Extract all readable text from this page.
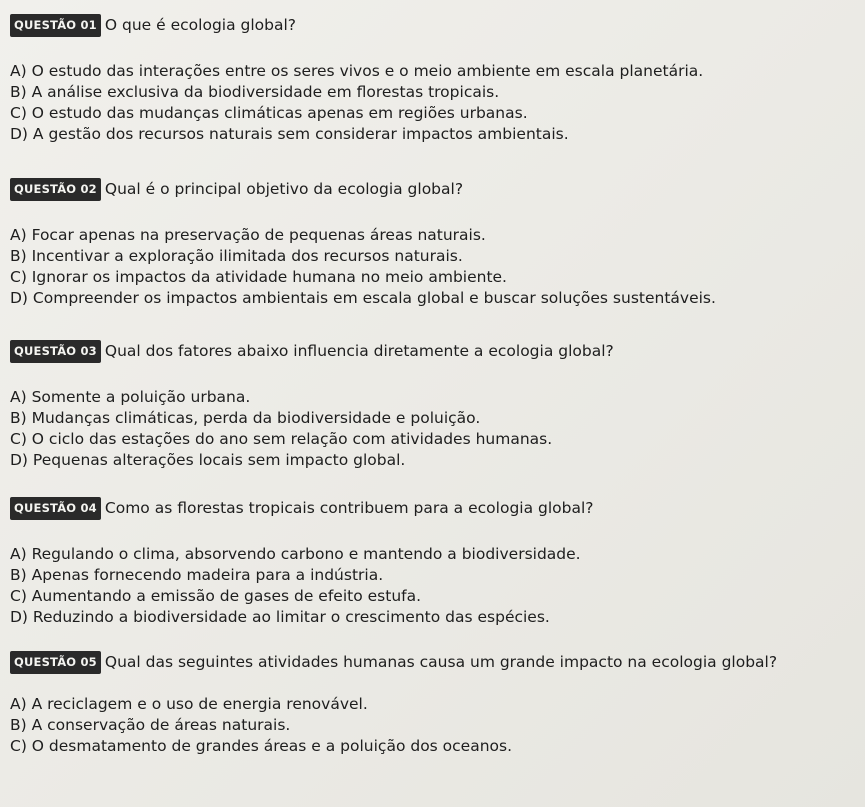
QUESTÃO 01 O que é ecologia global?

A) O estudo das interações entre os seres vivos e o meio ambiente em escala planetária.
B) A análise exclusiva da biodiversidade em florestas tropicais.
C) O estudo das mudanças climáticas apenas em regiões urbanas.
D) A gestão dos recursos naturais sem considerar impactos ambientais.

QUESTÃO 02 Qual é o principal objetivo da ecologia global?

A) Focar apenas na preservação de pequenas áreas naturais.
B) Incentivar a exploração ilimitada dos recursos naturais.
C) Ignorar os impactos da atividade humana no meio ambiente.
D) Compreender os impactos ambientais em escala global e buscar soluções sustentáveis.

QUESTÃO 03 Qual dos fatores abaixo influencia diretamente a ecologia global?

A) Somente a poluição urbana.
B) Mudanças climáticas, perda da biodiversidade e poluição.
C) O ciclo das estações do ano sem relação com atividades humanas.
D) Pequenas alterações locais sem impacto global.

QUESTÃO 04 Como as florestas tropicais contribuem para a ecologia global?

A) Regulando o clima, absorvendo carbono e mantendo a biodiversidade.
B) Apenas fornecendo madeira para a indústria.
C) Aumentando a emissão de gases de efeito estufa.
D) Reduzindo a biodiversidade ao limitar o crescimento das espécies.

QUESTÃO 05 Qual das seguintes atividades humanas causa um grande impacto na ecologia global?

A) A reciclagem e o uso de energia renovável.
B) A conservação de áreas naturais.
C) O desmatamento de grandes áreas e a poluição dos oceanos.
